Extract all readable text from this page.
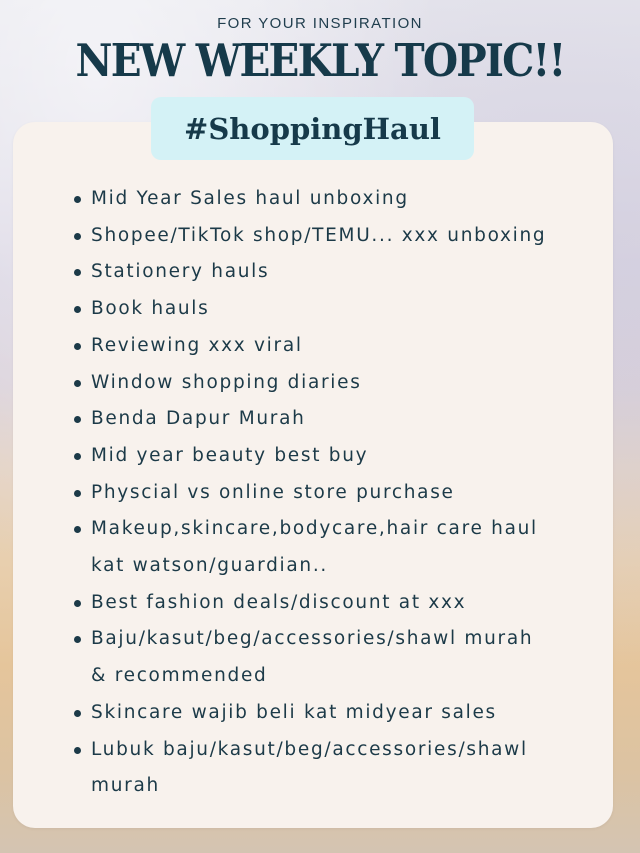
FOR YOUR INSPIRATION
NEW WEEKLY TOPIC!!
#ShoppingHaul
Mid Year Sales haul unboxing
Shopee/TikTok shop/TEMU... xxx unboxing
Stationery hauls
Book hauls
Reviewing xxx viral
Window shopping diaries
Benda Dapur Murah
Mid year beauty best buy
Physcial vs online store purchase
Makeup,skincare,bodycare,hair care haul
kat watson/guardian..
Best fashion deals/discount at xxx
Baju/kasut/beg/accessories/shawl murah
& recommended
Skincare wajib beli kat midyear sales
Lubuk baju/kasut/beg/accessories/shawl
murah
